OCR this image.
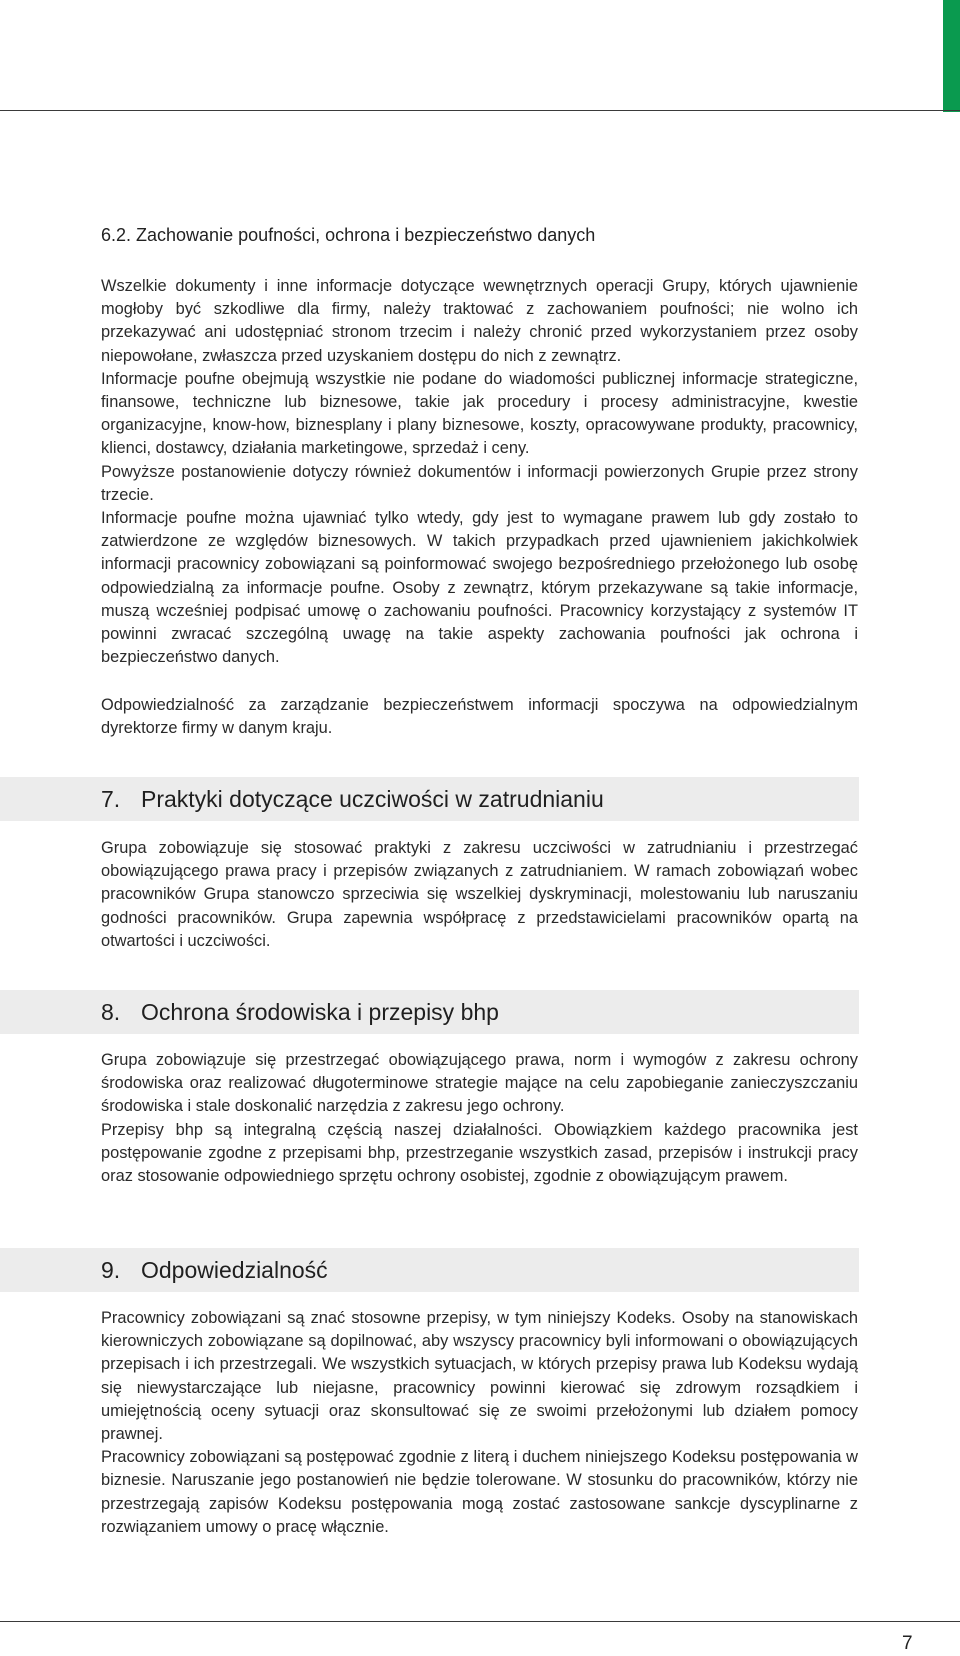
6.2. Zachowanie poufności, ochrona i bezpieczeństwo danych

Wszelkie dokumenty i inne informacje dotyczące wewnętrznych operacji Grupy, których ujawnienie mogłoby być szkodliwe dla firmy, należy traktować z zachowaniem poufności; nie wolno ich przekazywać ani udostępniać stronom trzecim i należy chronić przed wykorzystaniem przez osoby niepowołane, zwłaszcza przed uzyskaniem dostępu do nich z zewnątrz.

Informacje poufne obejmują wszystkie nie podane do wiadomości publicznej informacje strategiczne, finansowe, techniczne lub biznesowe, takie jak procedury i procesy administracyjne, kwestie organizacyjne, know-how, biznesplany i plany biznesowe, koszty, opracowywane produkty, pracownicy, klienci, dostawcy, działania marketingowe, sprzedaż i ceny.

Powyższe postanowienie dotyczy również dokumentów i informacji powierzonych Grupie przez strony trzecie.

Informacje poufne można ujawniać tylko wtedy, gdy jest to wymagane prawem lub gdy zostało to zatwierdzone ze względów biznesowych. W takich przypadkach przed ujawnieniem jakichkolwiek informacji pracownicy zobowiązani są poinformować swojego bezpośredniego przełożonego lub osobę odpowiedzialną za informacje poufne. Osoby z zewnątrz, którym przekazywane są takie informacje, muszą wcześniej podpisać umowę o zachowaniu poufności. Pracownicy korzystający z systemów IT powinni zwracać szczególną uwagę na takie aspekty zachowania poufności jak ochrona i bezpieczeństwo danych.

Odpowiedzialność za zarządzanie bezpieczeństwem informacji spoczywa na odpowiedzialnym dyrektorze firmy w danym kraju.

7. Praktyki dotyczące uczciwości w zatrudnianiu

Grupa zobowiązuje się stosować praktyki z zakresu uczciwości w zatrudnianiu i przestrzegać obowiązującego prawa pracy i przepisów związanych z zatrudnianiem. W ramach zobowiązań wobec pracowników Grupa stanowczo sprzeciwia się wszelkiej dyskryminacji, molestowaniu lub naruszaniu godności pracowników. Grupa zapewnia współpracę z przedstawicielami pracowników opartą na otwartości i uczciwości.

8. Ochrona środowiska i przepisy bhp

Grupa zobowiązuje się przestrzegać obowiązującego prawa, norm i wymogów z zakresu ochrony środowiska oraz realizować długoterminowe strategie mające na celu zapobieganie zanieczyszczaniu środowiska i stale doskonalić narzędzia z zakresu jego ochrony.

Przepisy bhp są integralną częścią naszej działalności. Obowiązkiem każdego pracownika jest postępowanie zgodne z przepisami bhp, przestrzeganie wszystkich zasad, przepisów i instrukcji pracy oraz stosowanie odpowiedniego sprzętu ochrony osobistej, zgodnie z obowiązującym prawem.

9. Odpowiedzialność

Pracownicy zobowiązani są znać stosowne przepisy, w tym niniejszy Kodeks. Osoby na stanowiskach kierowniczych zobowiązane są dopilnować, aby wszyscy pracownicy byli informowani o obowiązujących przepisach i ich przestrzegali. We wszystkich sytuacjach, w których przepisy prawa lub Kodeksu wydają się niewystarczające lub niejasne, pracownicy powinni kierować się zdrowym rozsądkiem i umiejętnością oceny sytuacji oraz skonsultować się ze swoimi przełożonymi lub działem pomocy prawnej.

Pracownicy zobowiązani są postępować zgodnie z literą i duchem niniejszego Kodeksu postępowania w biznesie. Naruszanie jego postanowień nie będzie tolerowane. W stosunku do pracowników, którzy nie przestrzegają zapisów Kodeksu postępowania mogą zostać zastosowane sankcje dyscyplinarne z rozwiązaniem umowy o pracę włącznie.

7
